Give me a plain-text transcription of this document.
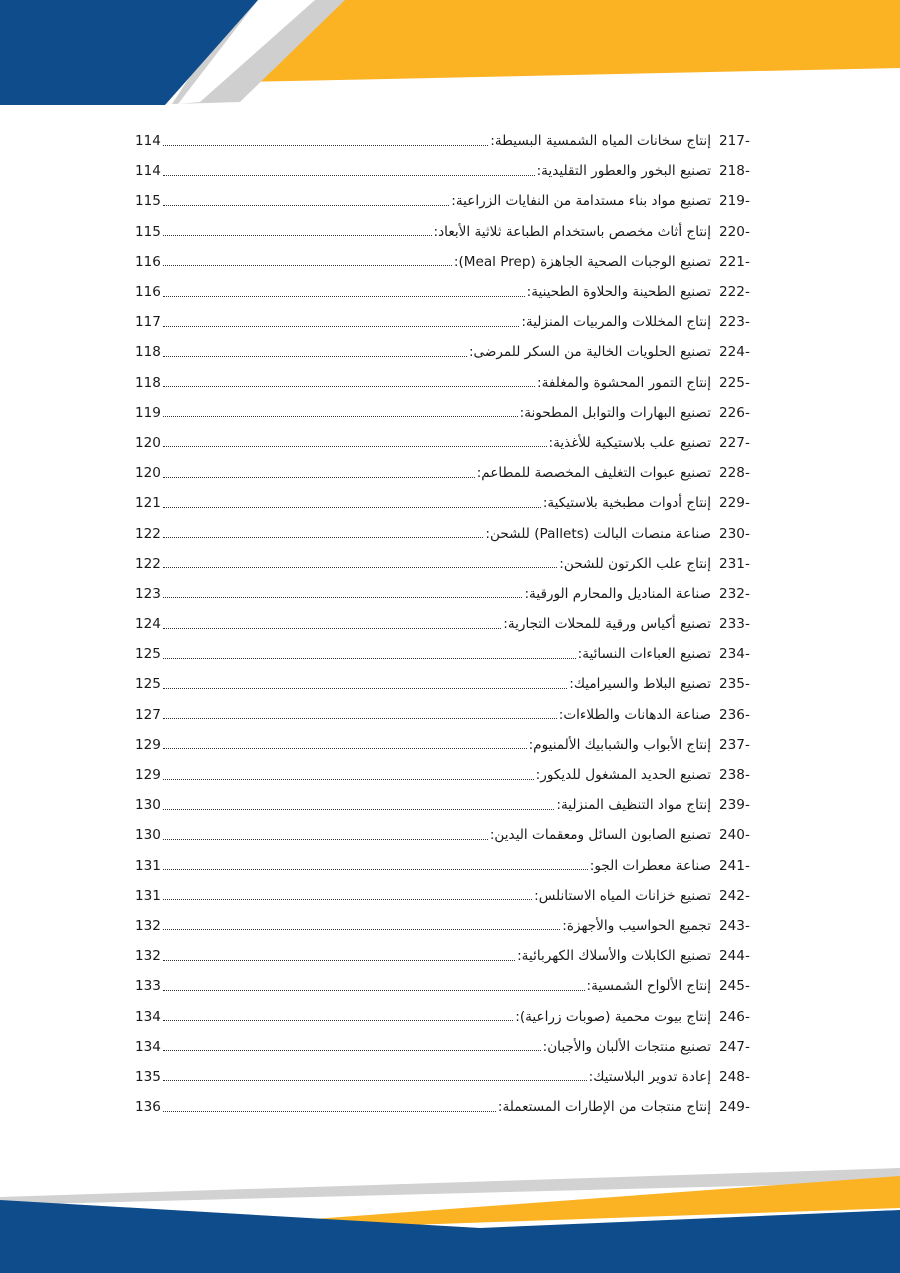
217-
إنتاج سخانات المياه الشمسية البسيطة:
114
218-
تصنيع البخور والعطور التقليدية:
114
219-
تصنيع مواد بناء مستدامة من النفايات الزراعية:
115
220-
إنتاج أثاث مخصص باستخدام الطباعة ثلاثية الأبعاد:
115
221-
تصنيع الوجبات الصحية الجاهزة (Meal Prep):
116
222-
تصنيع الطحينة والحلاوة الطحينية:
116
223-
إنتاج المخللات والمربيات المنزلية:
117
224-
تصنيع الحلويات الخالية من السكر للمرضى:
118
225-
إنتاج التمور المحشوة والمغلفة:
118
226-
تصنيع البهارات والتوابل المطحونة:
119
227-
تصنيع علب بلاستيكية للأغذية:
120
228-
تصنيع عبوات التغليف المخصصة للمطاعم:
120
229-
إنتاج أدوات مطبخية بلاستيكية:
121
230-
صناعة منصات البالت (Pallets) للشحن:
122
231-
إنتاج علب الكرتون للشحن:
122
232-
صناعة المناديل والمحارم الورقية:
123
233-
تصنيع أكياس ورقية للمحلات التجارية:
124
234-
تصنيع العباءات النسائية:
125
235-
تصنيع البلاط والسيراميك:
125
236-
صناعة الدهانات والطلاءات:
127
237-
إنتاج الأبواب والشبابيك الألمنيوم:
129
238-
تصنيع الحديد المشغول للديكور:
129
239-
إنتاج مواد التنظيف المنزلية:
130
240-
تصنيع الصابون السائل ومعقمات اليدين:
130
241-
صناعة معطرات الجو:
131
242-
تصنيع خزانات المياه الاستانلس:
131
243-
تجميع الحواسيب والأجهزة:
132
244-
تصنيع الكابلات والأسلاك الكهربائية:
132
245-
إنتاج الألواح الشمسية:
133
246-
إنتاج بيوت محمية (صوبات زراعية):
134
247-
تصنيع منتجات الألبان والأجبان:
134
248-
إعادة تدوير البلاستيك:
135
249-
إنتاج منتجات من الإطارات المستعملة:
136
